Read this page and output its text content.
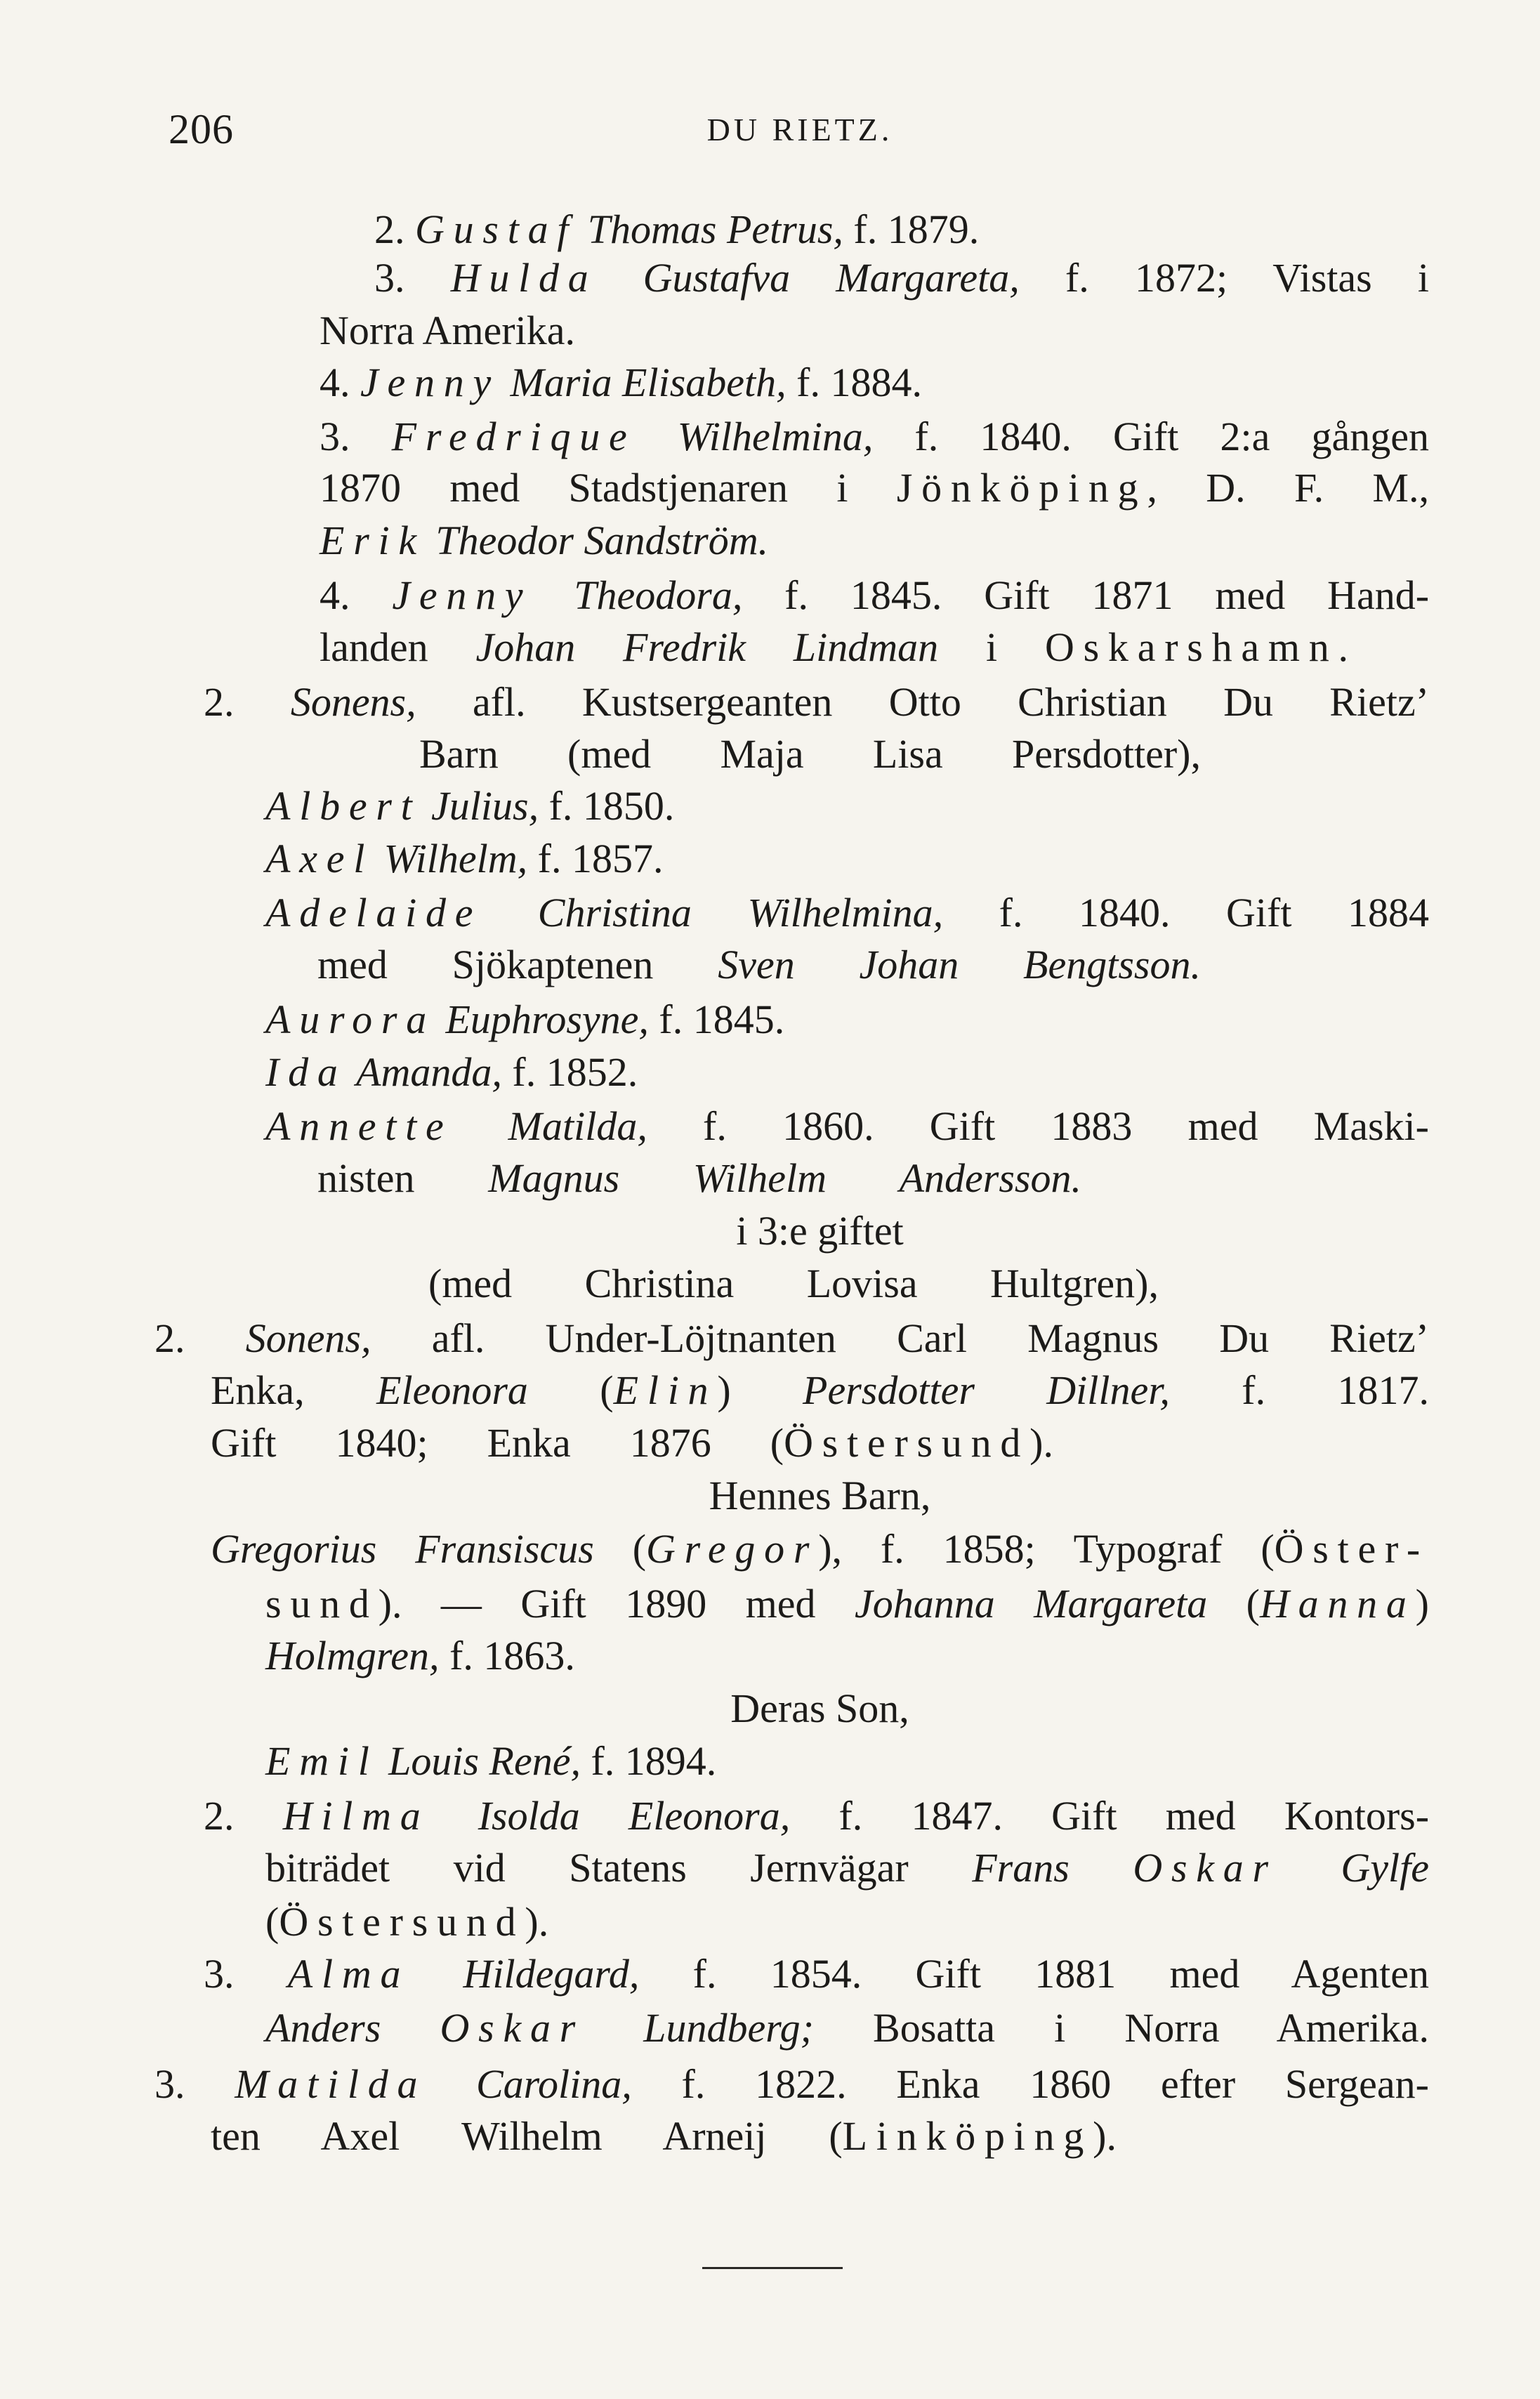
206	DU RIETZ.
2. Gustaf Thomas Petrus, f. 1879.
3. Hulda Gustafva Margareta, f. 1872; Vistas i
Norra Amerika.
4. Jenny Maria Elisabeth, f. 1884.
3. Fredrique Wilhelmina, f. 1840. Gift 2:a gången
1870 med Stadstjenaren i Jönköping, D. F. M.,
Erik Theodor Sandström.
4. Jenny Theodora, f. 1845. Gift 1871 med Hand-
landen Johan Fredrik Lindman i Oskarshamn.
2. Sonens, afl. Kustsergeanten Otto Christian Du Rietz’
Barn (med Maja Lisa Persdotter),
Albert Julius, f. 1850.
Axel Wilhelm, f. 1857.
Adelaide Christina Wilhelmina, f. 1840. Gift 1884
med Sjökaptenen Sven Johan Bengtsson.
Aurora Euphrosyne, f. 1845.
Ida Amanda, f. 1852.
Annette Matilda, f. 1860. Gift 1883 med Maski-
nisten Magnus Wilhelm Andersson.
i 3:e giftet
(med Christina Lovisa Hultgren),
2. Sonens, afl. Under-Löjtnanten Carl Magnus Du Rietz’
Enka, Eleonora (Elin) Persdotter Dillner, f. 1817.
Gift 1840; Enka 1876 (Östersund).
Hennes Barn,
Gregorius Fransiscus (Gregor), f. 1858; Typograf (Öster-
sund). — Gift 1890 med Johanna Margareta (Hanna)
Holmgren, f. 1863.
Deras Son,
Emil Louis René, f. 1894.
2. Hilma Isolda Eleonora, f. 1847. Gift med Kontors-
biträdet vid Statens Jernvägar Frans Oskar Gylfe
(Östersund).
3. Alma Hildegard, f. 1854. Gift 1881 med Agenten
Anders Oskar Lundberg; Bosatta i Norra Amerika.
3. Matilda Carolina, f. 1822. Enka 1860 efter Sergean-
ten Axel Wilhelm Arneij (Linköping).
